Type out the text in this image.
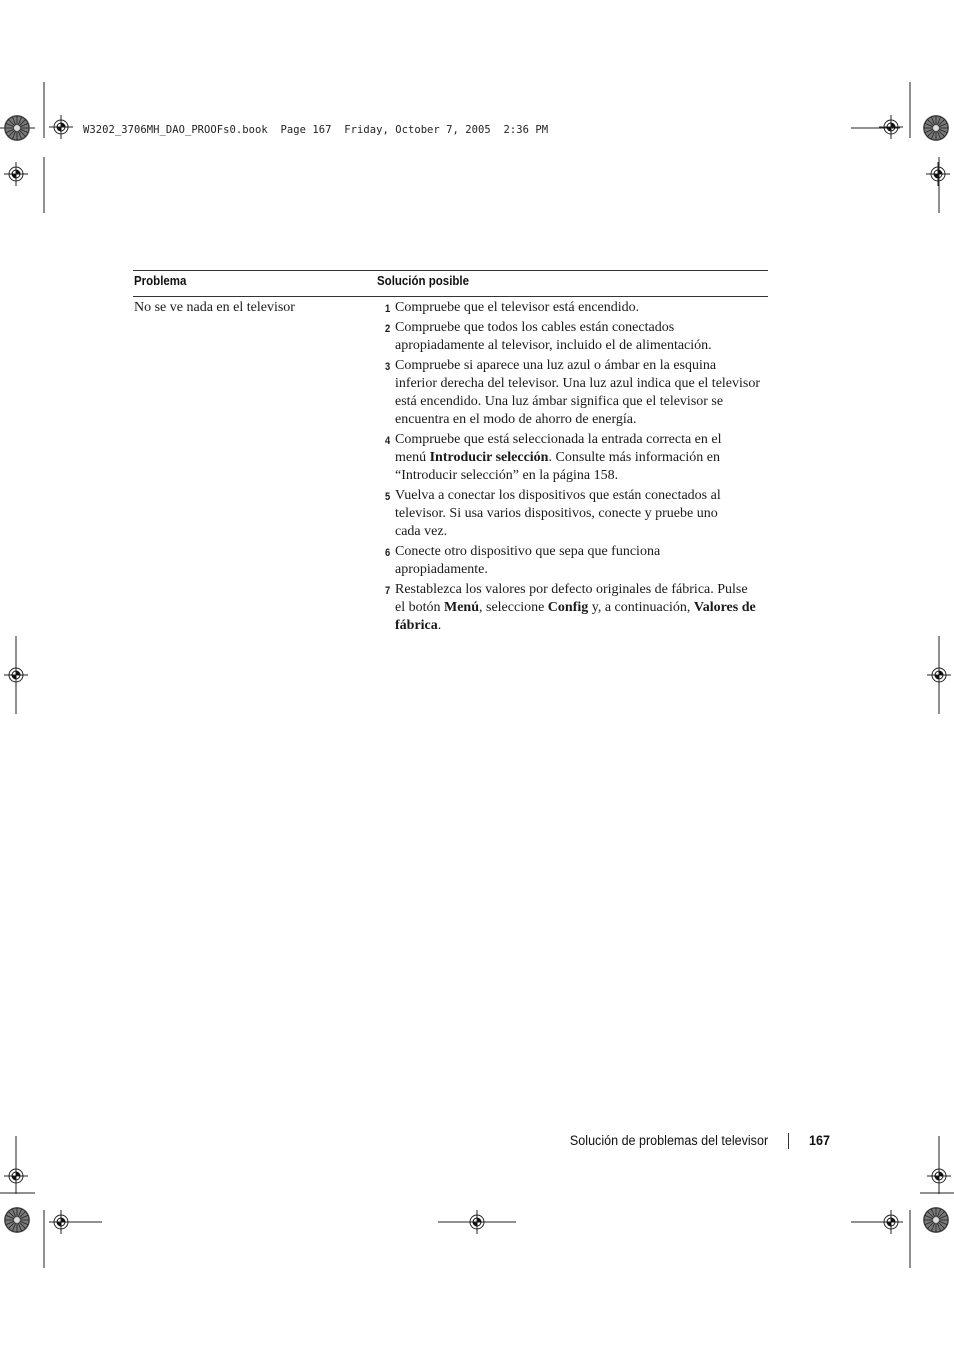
W3202_3706MH_DAO_PROOFs0.book  Page 167  Friday, October 7, 2005  2:36 PM
Problema	Solución posible
No se ve nada en el televisor	1 Compruebe que el televisor está encendido.
2 Compruebe que todos los cables están conectados
apropiadamente al televisor, incluido el de alimentación.
3 Compruebe si aparece una luz azul o ámbar en la esquina
inferior derecha del televisor. Una luz azul indica que el televisor
está encendido. Una luz ámbar significa que el televisor se
encuentra en el modo de ahorro de energía.
4 Compruebe que está seleccionada la entrada correcta en el
menú Introducir selección. Consulte más información en
“Introducir selección” en la página 158.
5 Vuelva a conectar los dispositivos que están conectados al
televisor. Si usa varios dispositivos, conecte y pruebe uno
cada vez.
6 Conecte otro dispositivo que sepa que funciona
apropiadamente.
7 Restablezca los valores por defecto originales de fábrica. Pulse
el botón Menú, seleccione Config y, a continuación, Valores de
fábrica.
Solución de problemas del televisor	167
